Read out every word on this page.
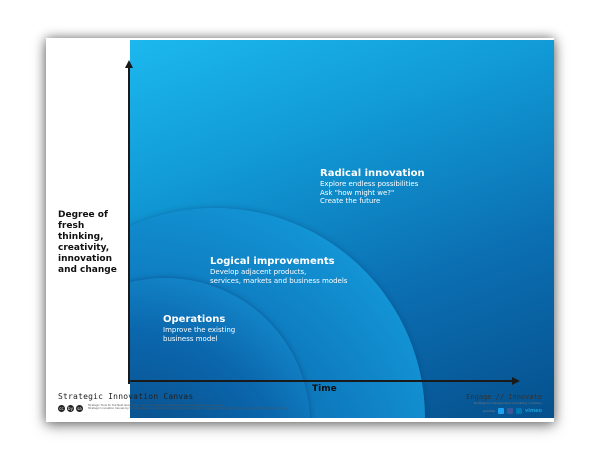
Radical innovation
Explore endless possibilities
Ask "how might we?"
Create the future
Logical improvements
Develop adjacent products,
services, markets and business models
Operations
Improve the existing
business model
Degree of fresh thinking, creativity, innovation and change
Time
Strategic Innovation Canvas
cc	by	sa
Strategic Tools for the Next Generation - See more at www.strategictoolsforthenextgeneration.com/tools
Strategic Innovation Canvas by Christian Bason and Elisabeth Mulvad is licensed under a Creative Commons Attribution-ShareAlike 4.0 Unported License.
Engage // Innovate
strategical management consulting company
Join this	vimeo
